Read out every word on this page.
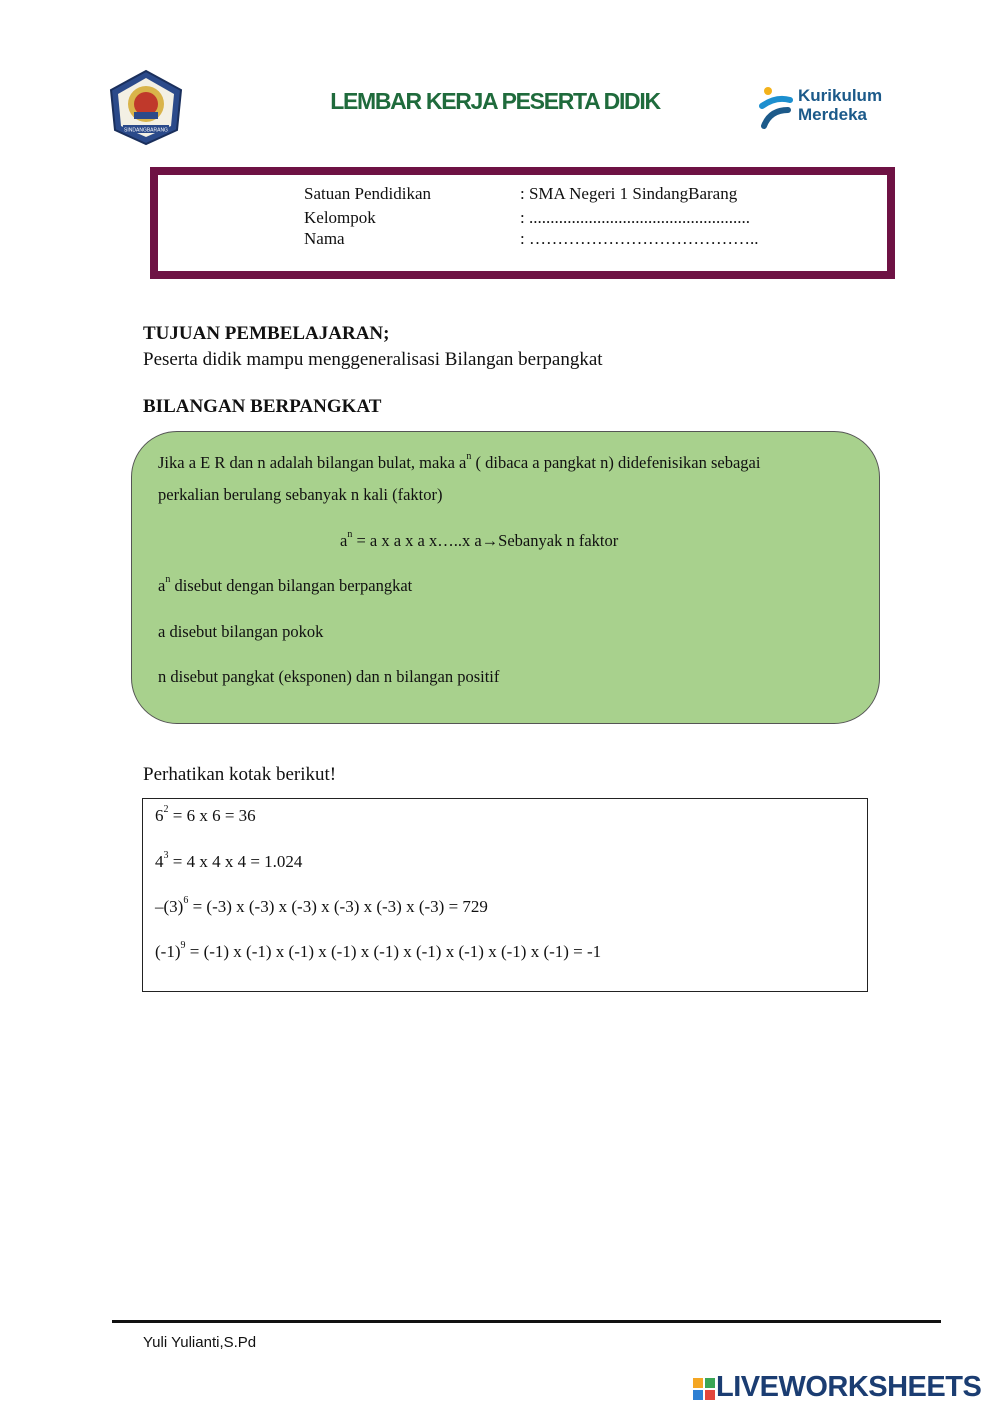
SINDANGBARANG
LEMBAR KERJA PESERTA DIDIK	Kurikulum
Merdeka
Satuan Pendidikan	: SMA Negeri 1 SindangBarang
Kelompok	: ....................................................
Nama	: …………………………………..
TUJUAN PEMBELAJARAN;
Peserta didik mampu menggeneralisasi Bilangan berpangkat
BILANGAN BERPANGKAT
Jika a E R dan n adalah bilangan bulat, maka $a^n$ ( dibaca a pangkat n) didefenisikan sebagai
perkalian berulang sebanyak n kali (faktor)
$a^n = a$ x a x a x…..x a→Sebanyak n faktor
$a^n$ disebut dengan bilangan berpangkat
a disebut bilangan pokok
n disebut pangkat (eksponen) dan n bilangan positif
Perhatikan kotak berikut!
$6^2 = 6$ x 6 = 36
$4^3 = 4$ x 4 x 4 = 1.024
$-(3)^6 = (-3)$ x (-3) x (-3) x (-3) x (-3) x (-3) = 729
$(-1)^9 = (-1)$ x (-1) x (-1) x (-1) x (-1) x (-1) x (-1) x (-1) x (-1) = -1
Yuli Yulianti,S.Pd
LIVEWORKSHEETS
